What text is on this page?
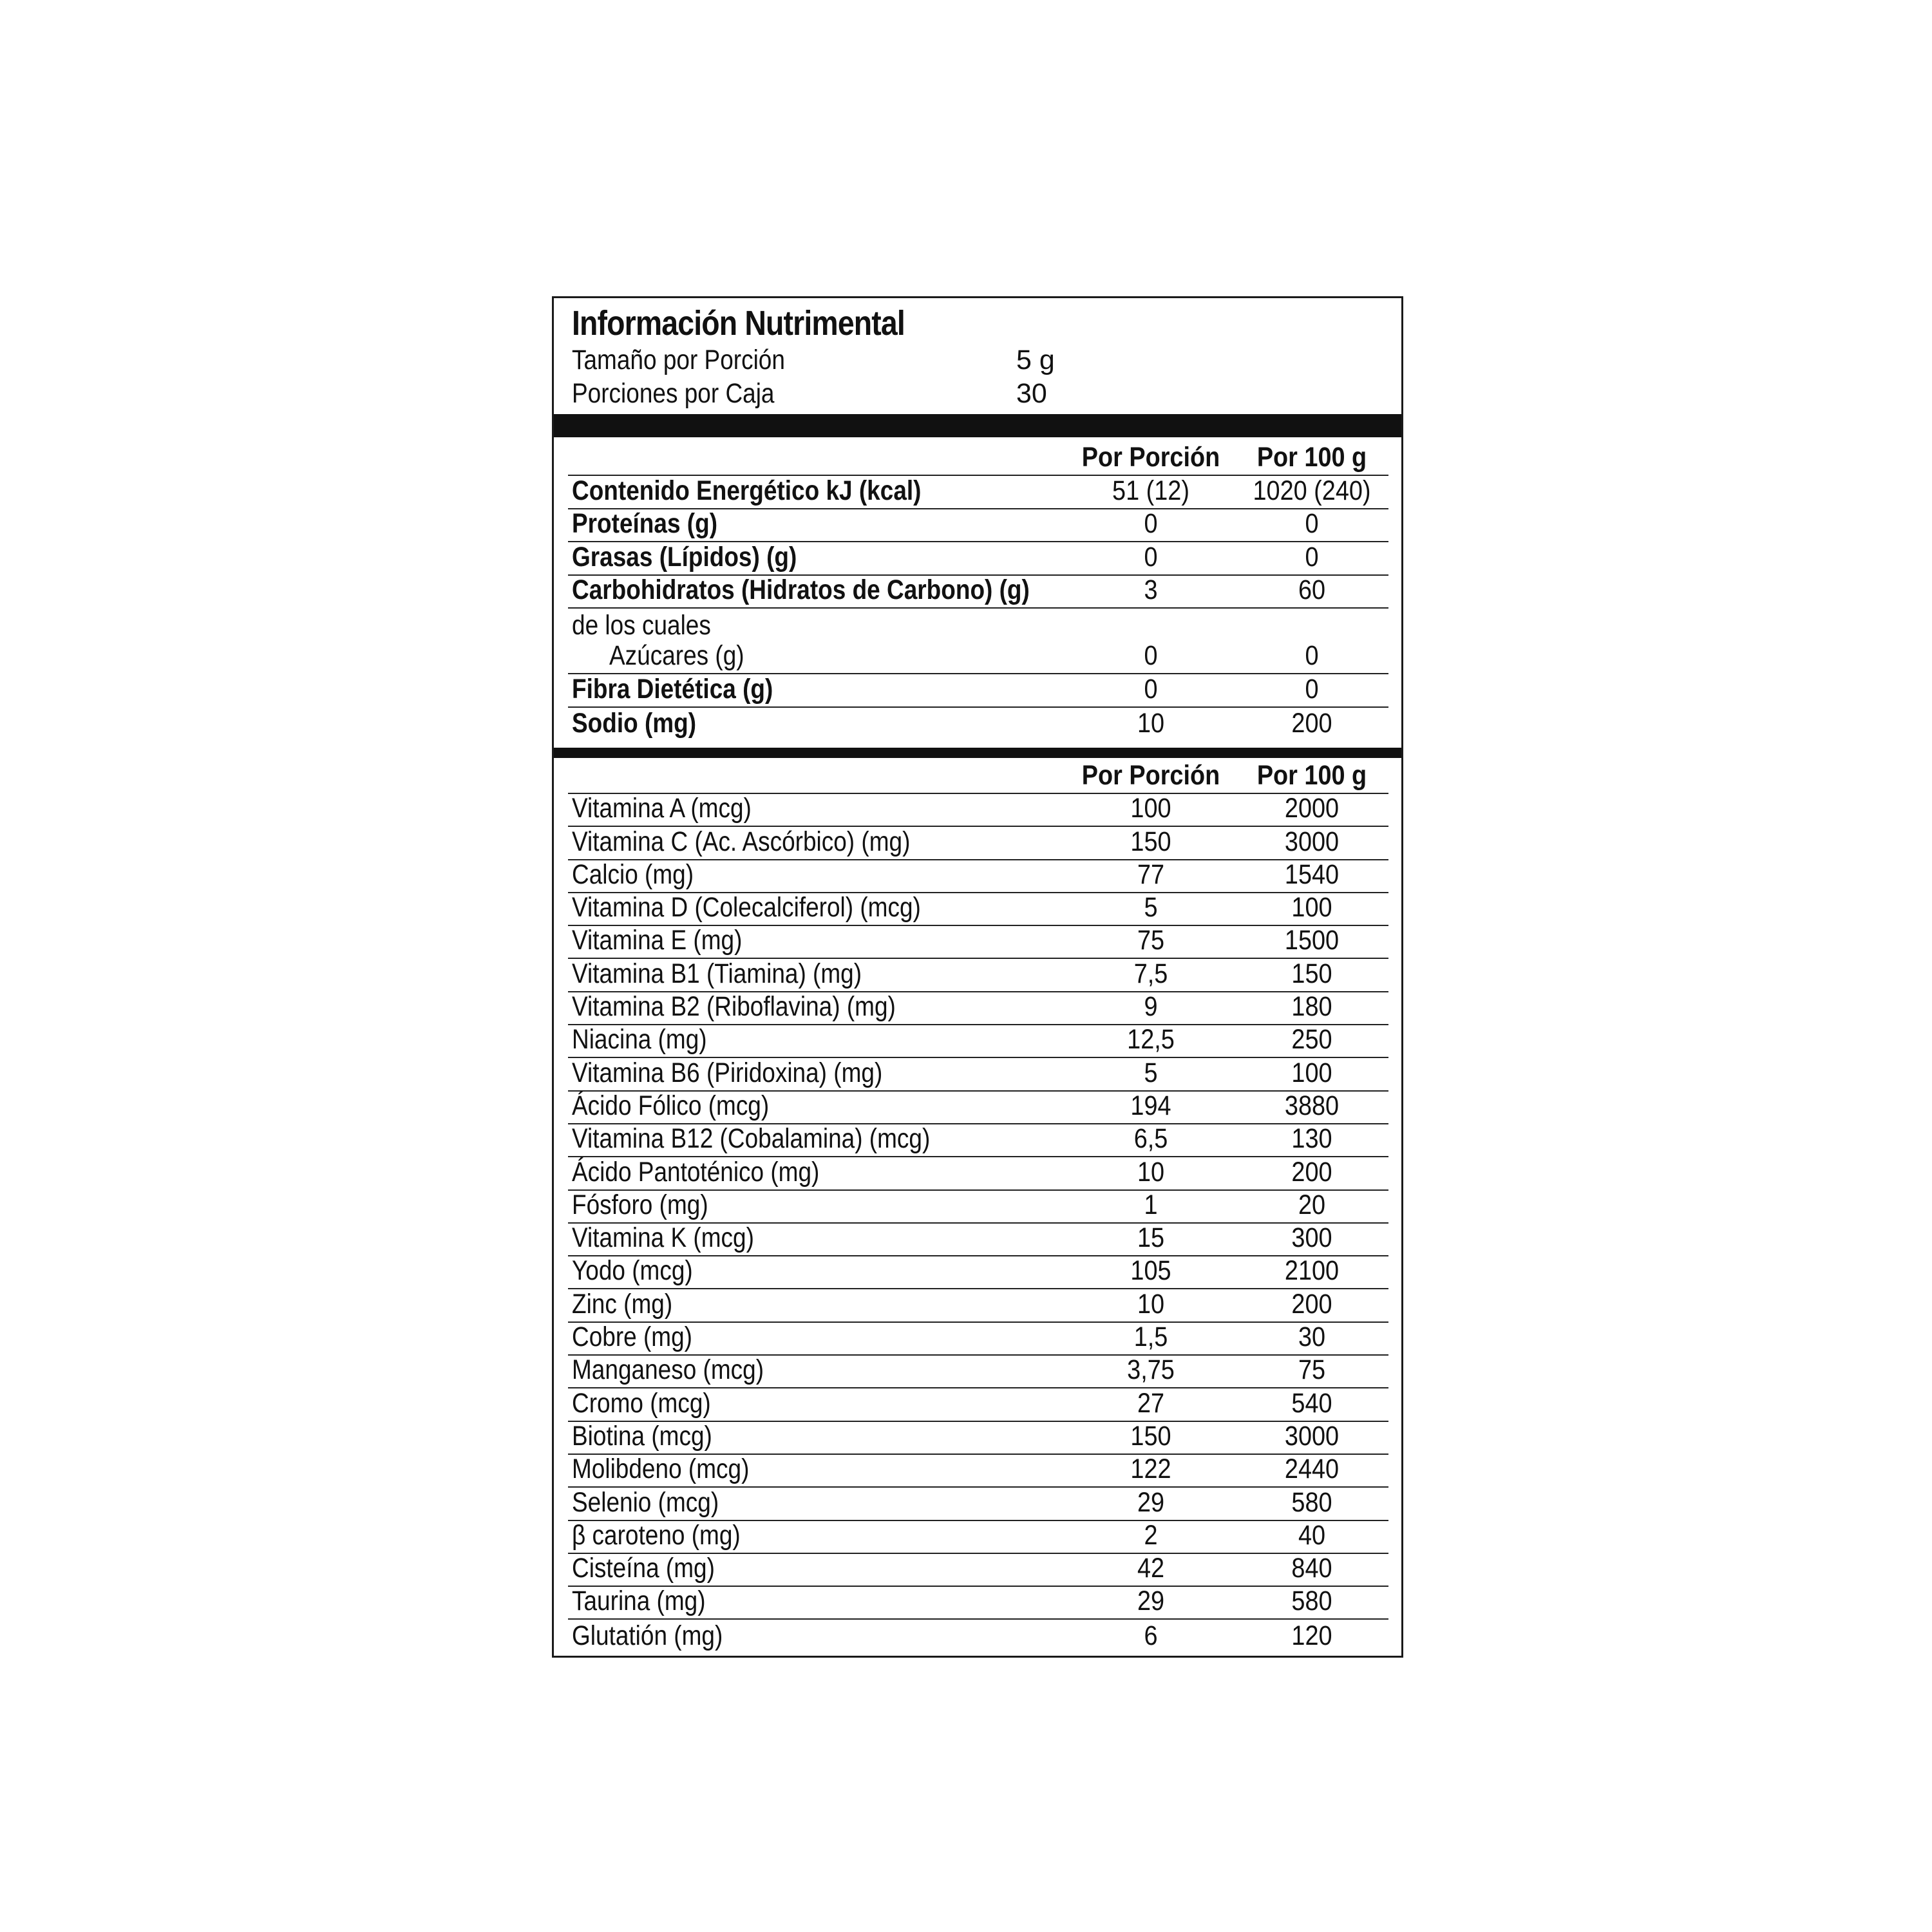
Información Nutrimental
Tamaño por Porción	5 g
Porciones por Caja	30
Por Porción	Por 100 g
Contenido Energético kJ (kcal)	51 (12)	1020 (240)
Proteínas (g)	0	0
Grasas (Lípidos) (g)	0	0
Carbohidratos (Hidratos de Carbono) (g)	3	60
de los cuales
Azúcares (g)	0	0
Fibra Dietética (g)	0	0
Sodio (mg)	10	200
Por Porción	Por 100 g
Vitamina A (mcg)	100	2000
Vitamina C (Ac. Ascórbico) (mg)	150	3000
Calcio (mg)	77	1540
Vitamina D (Colecalciferol) (mcg)	5	100
Vitamina E (mg)	75	1500
Vitamina B1 (Tiamina) (mg)	7,5	150
Vitamina B2 (Riboflavina) (mg)	9	180
Niacina (mg)	12,5	250
Vitamina B6 (Piridoxina) (mg)	5	100
Ácido Fólico (mcg)	194	3880
Vitamina B12 (Cobalamina) (mcg)	6,5	130
Ácido Pantoténico (mg)	10	200
Fósforo (mg)	1	20
Vitamina K (mcg)	15	300
Yodo (mcg)	105	2100
Zinc (mg)	10	200
Cobre (mg)	1,5	30
Manganeso (mcg)	3,75	75
Cromo (mcg)	27	540
Biotina (mcg)	150	3000
Molibdeno (mcg)	122	2440
Selenio (mcg)	29	580
β caroteno (mg)	2	40
Cisteína (mg)	42	840
Taurina (mg)	29	580
Glutatión (mg)	6	120
